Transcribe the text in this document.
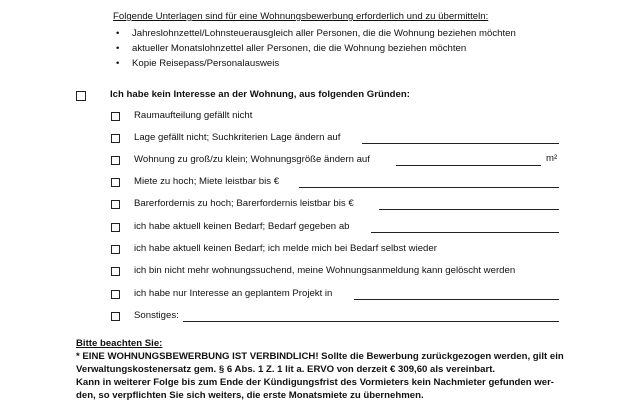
Folgende Unterlagen sind für eine Wohnungsbewerbung erforderlich und zu übermitteln:
• Jahreslohnzettel/Lohnsteuerausgleich aller Personen, die die Wohnung beziehen möchten
• aktueller Monatslohnzettel aller Personen, die die Wohnung beziehen möchten
• Kopie Reisepass/Personalausweis
Ich habe kein Interesse an der Wohnung, aus folgenden Gründen:
Raumaufteilung gefällt nicht
Lage gefällt nicht; Suchkriterien Lage ändern auf
Wohnung zu groß/zu klein; Wohnungsgröße ändern auf	m²
Miete zu hoch; Miete leistbar bis €
Barerfordernis zu hoch; Barerfordernis leistbar bis €
ich habe aktuell keinen Bedarf; Bedarf gegeben ab
ich habe aktuell keinen Bedarf; ich melde mich bei Bedarf selbst wieder
ich bin nicht mehr wohnungssuchend, meine Wohnungsanmeldung kann gelöscht werden
ich habe nur Interesse an geplantem Projekt in
Sonstiges:
Bitte beachten Sie:
* EINE WOHNUNGSBEWERBUNG IST VERBINDLICH! Sollte die Bewerbung zurückgezogen werden, gilt ein
Verwaltungskostenersatz gem. § 6 Abs. 1 Z. 1 lit a. ERVO von derzeit € 309,60 als vereinbart.
Kann in weiterer Folge bis zum Ende der Kündigungsfrist des Vormieters kein Nachmieter gefunden wer-
den, so verpflichten Sie sich weiters, die erste Monatsmiete zu übernehmen.
